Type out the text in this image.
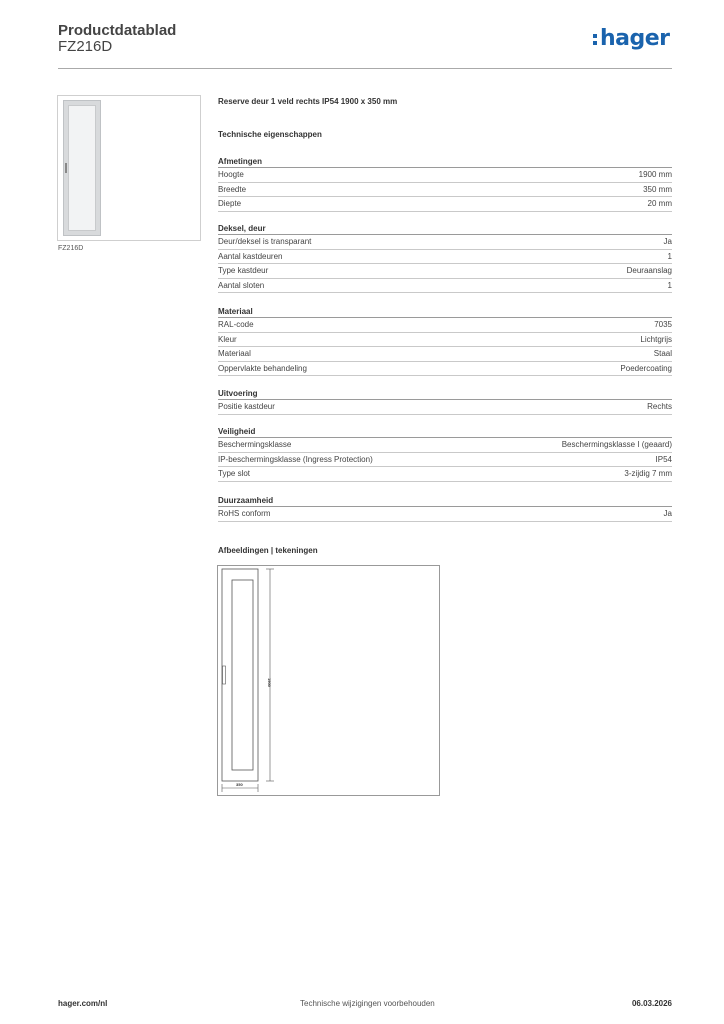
Productdatablad
FZ216D	hager
FZ216D
Reserve deur 1 veld rechts IP54 1900 x 350 mm
Technische eigenschappen
Afmetingen
Hoogte	1900 mm
Breedte	350 mm
Diepte	20 mm
Deksel, deur
Deur/deksel is transparant	Ja
Aantal kastdeuren	1
Type kastdeur	Deuraanslag
Aantal sloten	1
Materiaal
RAL-code	7035
Kleur	Lichtgrijs
Materiaal	Staal
Oppervlakte behandeling	Poedercoating
Uitvoering
Positie kastdeur	Rechts
Veiligheid
Beschermingsklasse	Beschermingsklasse I (geaard)
IP-beschermingsklasse (Ingress Protection)	IP54
Type slot	3-zijdig 7 mm
Duurzaamheid
RoHS conform	Ja
Afbeeldingen | tekeningen
1900
350
hager.com/nl	Technische wijzigingen voorbehouden	06.03.2026
